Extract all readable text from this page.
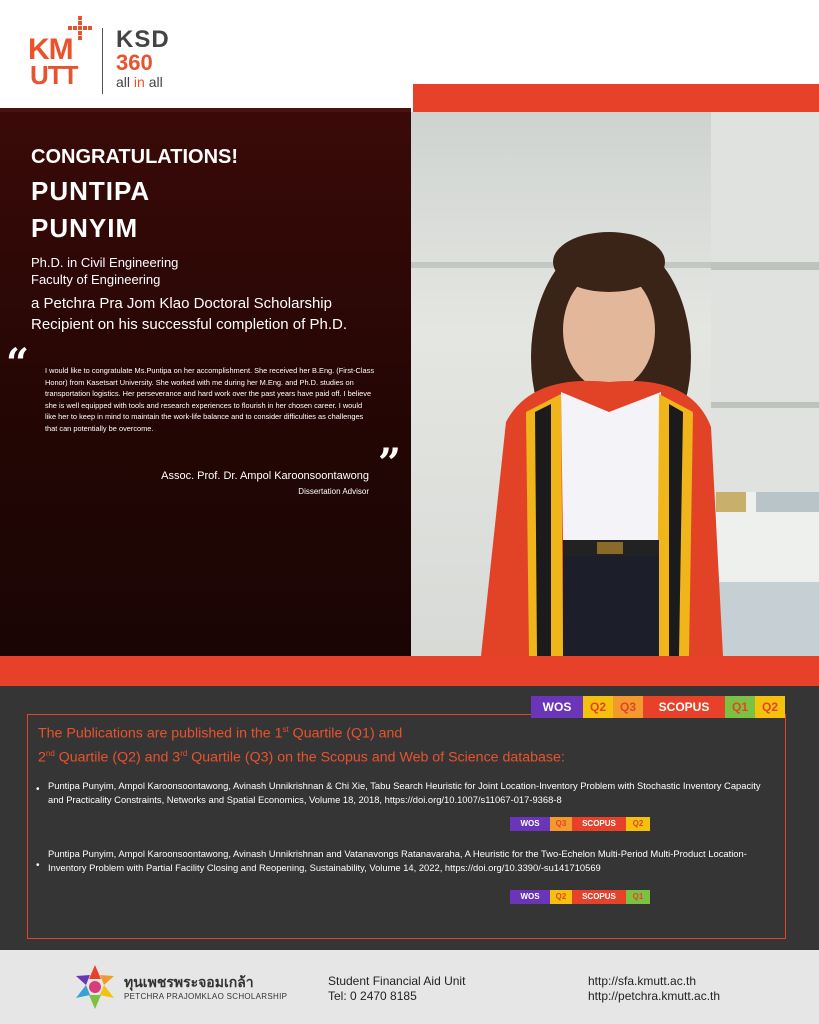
KM
UTT
KSD
360
all in all
CONGRATULATIONS!
PUNTIPA
PUNYIM
Ph.D. in Civil Engineering
Faculty of Engineering
a Petchra Pra Jom Klao Doctoral Scholarship
Recipient on his successful completion of Ph.D.
“ I would like to congratulate Ms.Puntipa on her accomplishment. She received her B.Eng. (First-Class Honor) from Kasetsart University. She worked with me during her M.Eng. and Ph.D. studies on transportation logistics. Her perseverance and hard work over the past years have paid off. I believe she is well equipped with tools and research experiences to flourish in her chosen career. I would like her to keep in mind to maintain the work-life balance and to consider difficulties as challenges that can potentially be overcome.
”
Assoc. Prof. Dr. Ampol Karoonsoontawong
Dissertation Advisor
WOS	Q2	Q3	SCOPUS	Q1	Q2
The Publications are published in the 1st Quartile (Q1) and
2nd Quartile (Q2) and 3rd Quartile (Q3) on the Scopus and Web of Science database:
• Puntipa Punyim, Ampol Karoonsoontawong, Avinash Unnikrishnan & Chi Xie, Tabu Search Heuristic for Joint Location-Inventory Problem with Stochastic Inventory Capacity and Practicality Constraints, Networks and Spatial Economics, Volume 18, 2018, https://doi.org/10.1007/s11067-017-9368-8
WOS	Q3	SCOPUS	Q2
•
Puntipa Punyim, Ampol Karoonsoontawong, Avinash Unnikrishnan and Vatanavongs Ratanavaraha, A Heuristic for the Two-Echelon Multi-Period Multi-Product Location-Inventory Problem with Partial Facility Closing and Reopening, Sustainability, Volume 14, 2022, https://doi.org/10.3390/-su141710569
WOS	Q2	SCOPUS	Q1
ทุนเพชรพระจอมเกล้า
PETCHRA PRAJOMKLAO SCHOLARSHIP
Student Financial Aid Unit
Tel: 0 2470 8185
http://sfa.kmutt.ac.th
http://petchra.kmutt.ac.th
